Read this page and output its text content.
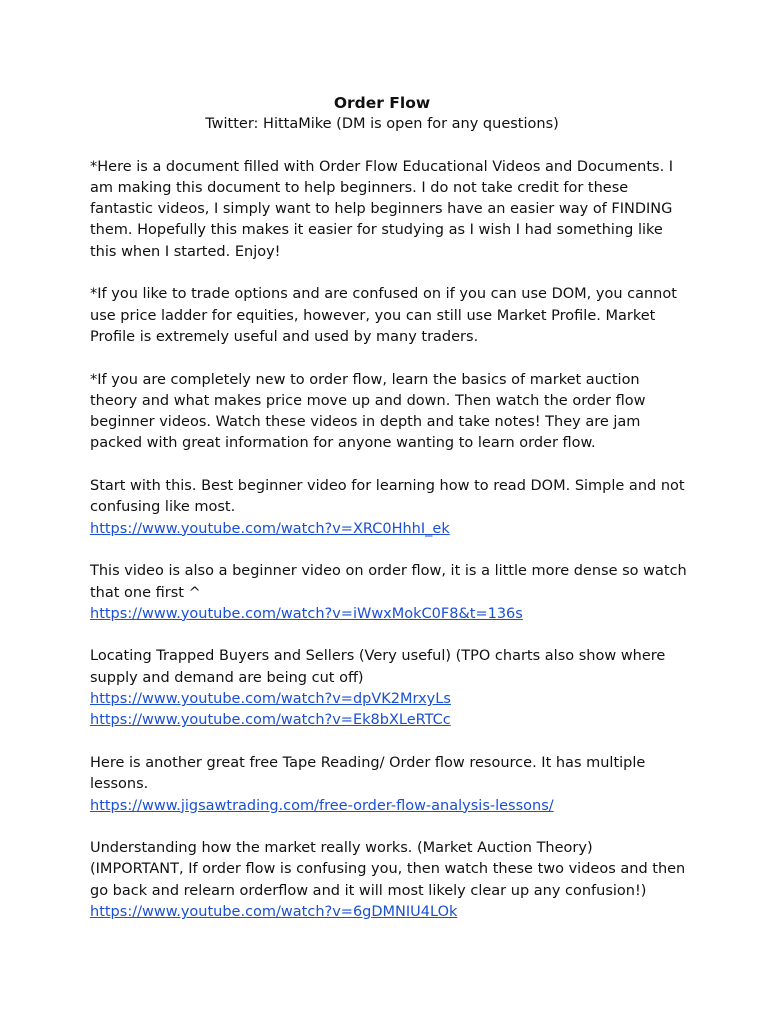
Order Flow

Twitter: HittaMike (DM is open for any questions)

*Here is a document filled with Order Flow Educational Videos and Documents. I am making this document to help beginners. I do not take credit for these fantastic videos, I simply want to help beginners have an easier way of FINDING them. Hopefully this makes it easier for studying as I wish I had something like this when I started. Enjoy!

*If you like to trade options and are confused on if you can use DOM, you cannot use price ladder for equities, however, you can still use Market Profile. Market Profile is extremely useful and used by many traders.

*If you are completely new to order flow, learn the basics of market auction theory and what makes price move up and down. Then watch the order flow beginner videos. Watch these videos in depth and take notes! They are jam packed with great information for anyone wanting to learn order flow.

Start with this. Best beginner video for learning how to read DOM. Simple and not confusing like most.

https://www.youtube.com/watch?v=XRC0HhhI_ek

This video is also a beginner video on order flow, it is a little more dense so watch that one first ^

https://www.youtube.com/watch?v=iWwxMokC0F8&t=136s

Locating Trapped Buyers and Sellers (Very useful) (TPO charts also show where supply and demand are being cut off)

https://www.youtube.com/watch?v=dpVK2MrxyLs
https://www.youtube.com/watch?v=Ek8bXLeRTCc

Here is another great free Tape Reading/ Order flow resource. It has multiple lessons.

https://www.jigsawtrading.com/free-order-flow-analysis-lessons/

Understanding how the market really works. (Market Auction Theory) (IMPORTANT, If order flow is confusing you, then watch these two videos and then go back and relearn orderflow and it will most likely clear up any confusion!)

https://www.youtube.com/watch?v=6gDMNIU4LOk
